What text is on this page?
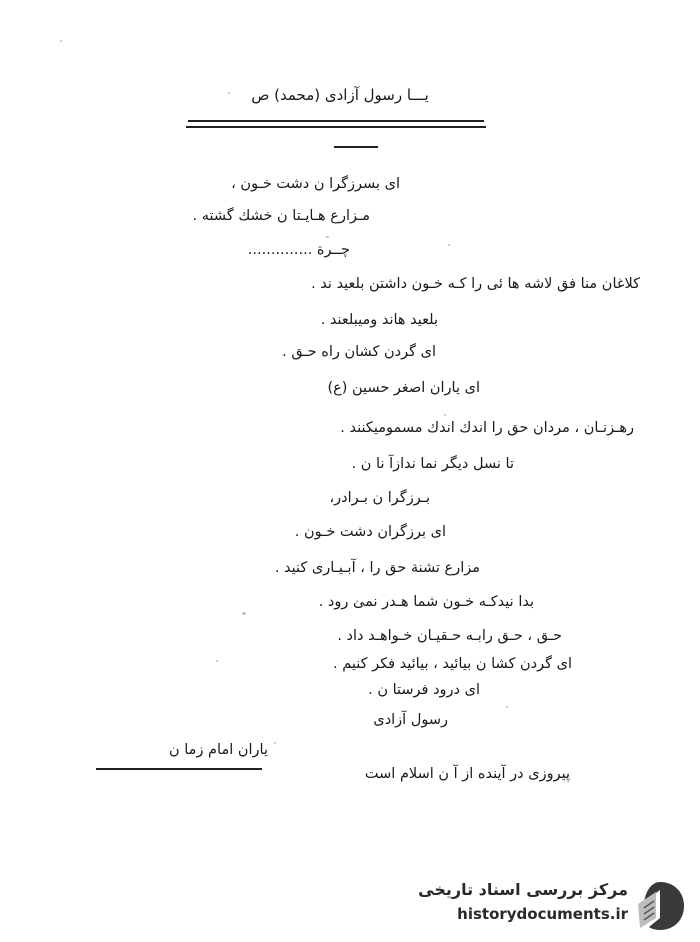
یـــا رسول آزادی (محمد) ص
ای بسرزگرا ن دشت خـون ،
مـزارع هـایـتا ن خشك گشته .
چــرة ..............
کلاغان منا فق لاشه ها ئی را کـه خـون داشتن بلعید ند .
بلعید هاند وميبلعند .
ای گردن کشان راه حـق .
ای یاران اصغر حسين (ع)
رهـزنـان ، مردان حق را اندك اندك مسموميكنند .
تا نسل ديگر نما ندازآ نا ن .
بـرزگرا ن بـرادر،
ای برزگران دشت خـون .
مزارع تشنة حق را ، آبـيـاری کنيد .
بدا نيدکـه خـون شما هـدر نمی رود .
حـق ، حـق رابـه حـقيـان خـواهـد داد .
ای گردن کشا ن بیائید ، بیائید فکر کنیم .
ای درود فرستا ن .
رسول آزادی
یاران امام زما ن
پیروزی در آینده از آ ن اسلام است
مرکز بررسی اسناد تاریخی
historydocuments.ir
